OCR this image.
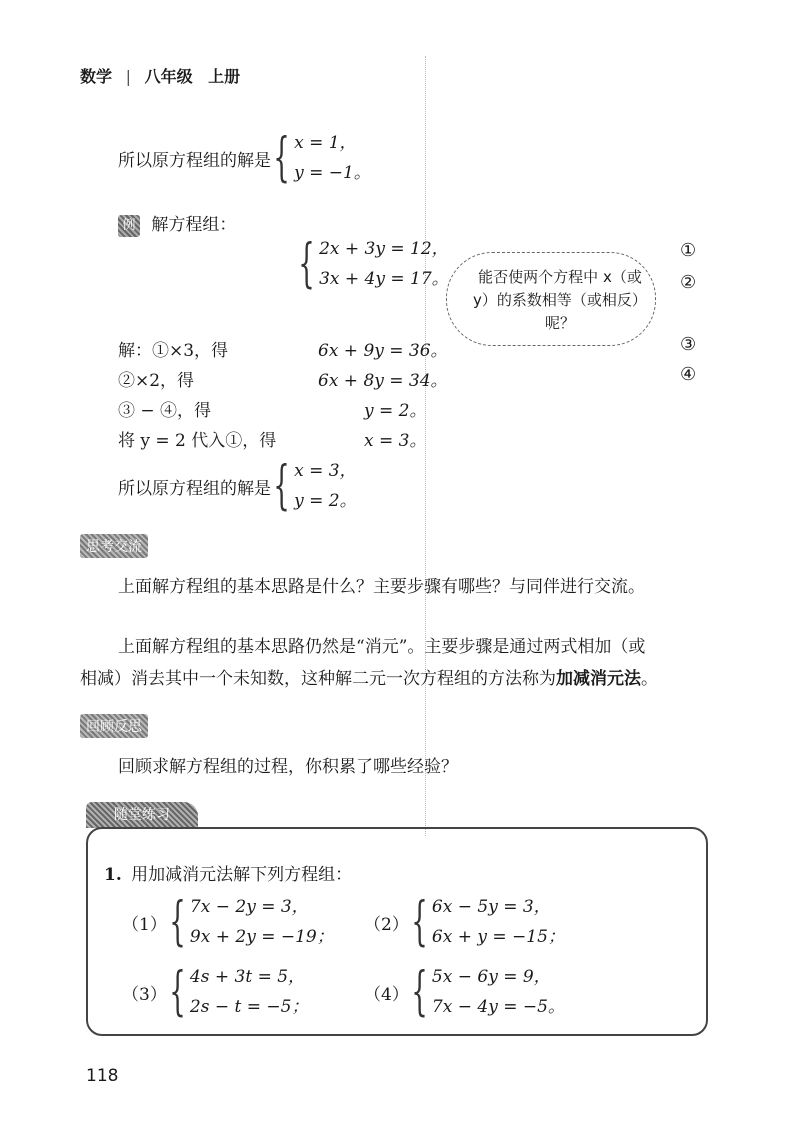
数学 | 八年级 上册
所以原方程组的解是 { x = 1，
y = −1。
例 解方程组：
{ 2x + 3y = 12，
3x + 4y = 17。
①
②
能否使两个方程中 x（或 y）的系数相等（或相反）呢？
解：①×3，得	6x + 9y = 36。	③
②×2，得	6x + 8y = 34。	④
③ − ④，得	y = 2。
将 y = 2 代入①，得	x = 3。
所以原方程组的解是 { x = 3，
y = 2。
思考交流
上面解方程组的基本思路是什么？主要步骤有哪些？与同伴进行交流。
上面解方程组的基本思路仍然是“消元”。主要步骤是通过两式相加（或
相减）消去其中一个未知数，这种解二元一次方程组的方法称为加减消元法。
回顾反思
回顾求解方程组的过程，你积累了哪些经验？
随堂练习
1. 用加减消元法解下列方程组：
（1） { 7x − 2y = 3，
9x + 2y = −19；
（2） { 6x − 5y = 3，
6x + y = −15；
（3） { 4s + 3t = 5，
2s − t = −5；
（4） { 5x − 6y = 9，
7x − 4y = −5。
118
